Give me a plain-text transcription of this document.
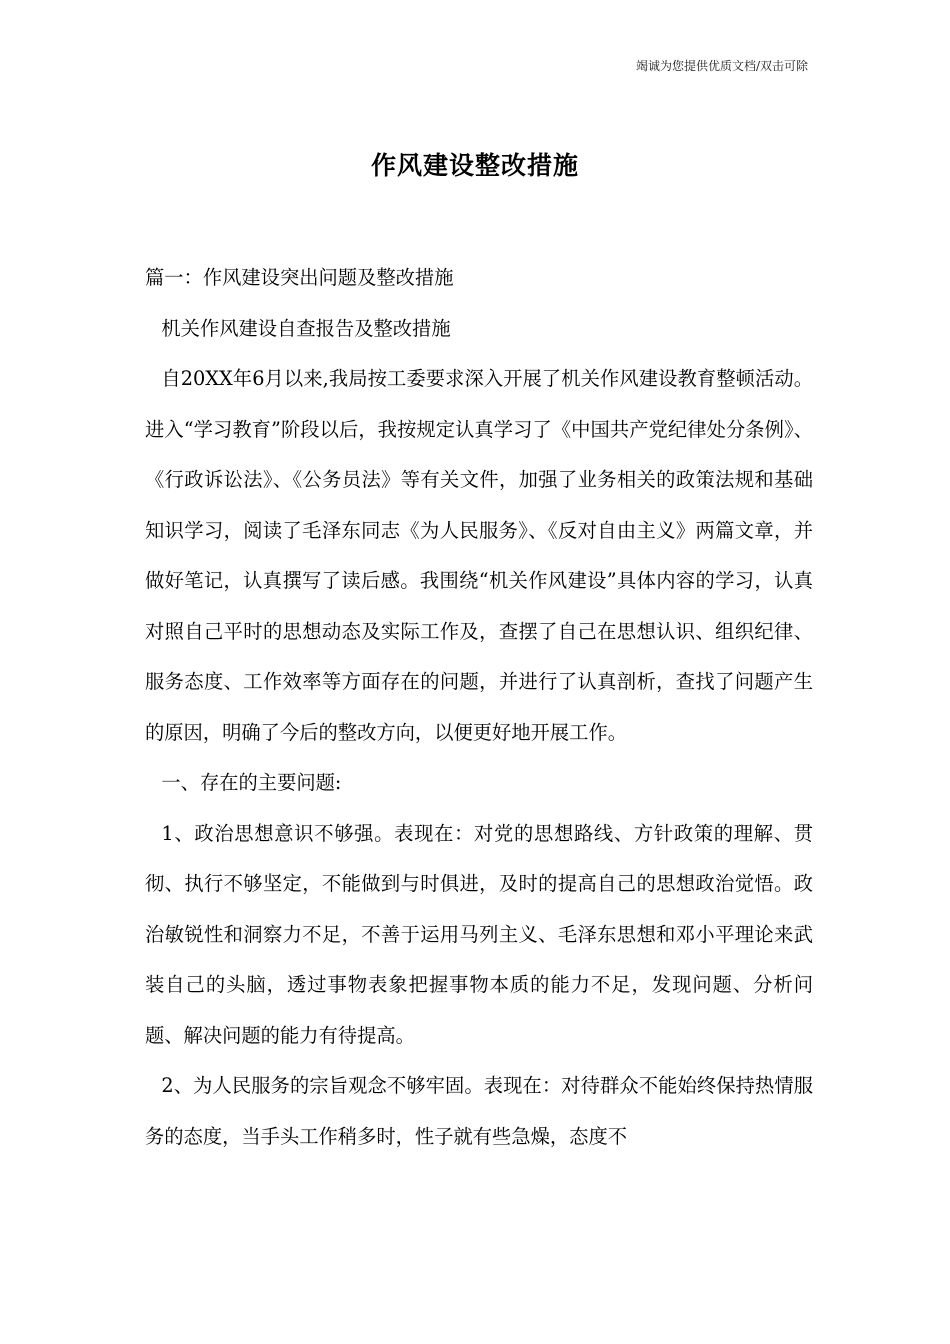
竭诚为您提供优质文档/双击可除
作风建设整改措施

篇一：作风建设突出问题及整改措施

机关作风建设自查报告及整改措施

自20XX年6月以来,我局按工委要求深入开展了机关作风建设教育整顿活动。进入“学习教育”阶段以后，我按规定认真学习了《中国共产党纪律处分条例》、《行政诉讼法》、《公务员法》等有关文件，加强了业务相关的政策法规和基础知识学习，阅读了毛泽东同志《为人民服务》、《反对自由主义》两篇文章，并做好笔记，认真撰写了读后感。我围绕“机关作风建设”具体内容的学习，认真对照自己平时的思想动态及实际工作及，查摆了自己在思想认识、组织纪律、服务态度、工作效率等方面存在的问题，并进行了认真剖析，查找了问题产生的原因，明确了今后的整改方向，以便更好地开展工作。

一、存在的主要问题:

1、政治思想意识不够强。表现在：对党的思想路线、方针政策的理解、贯彻、执行不够坚定，不能做到与时俱进，及时的提高自己的思想政治觉悟。政治敏锐性和洞察力不足，不善于运用马列主义、毛泽东思想和邓小平理论来武装自己的头脑，透过事物表象把握事物本质的能力不足，发现问题、分析问题、解决问题的能力有待提高。

2、为人民服务的宗旨观念不够牢固。表现在：对待群众不能始终保持热情服务的态度，当手头工作稍多时，性子就有些急燥，态度不
